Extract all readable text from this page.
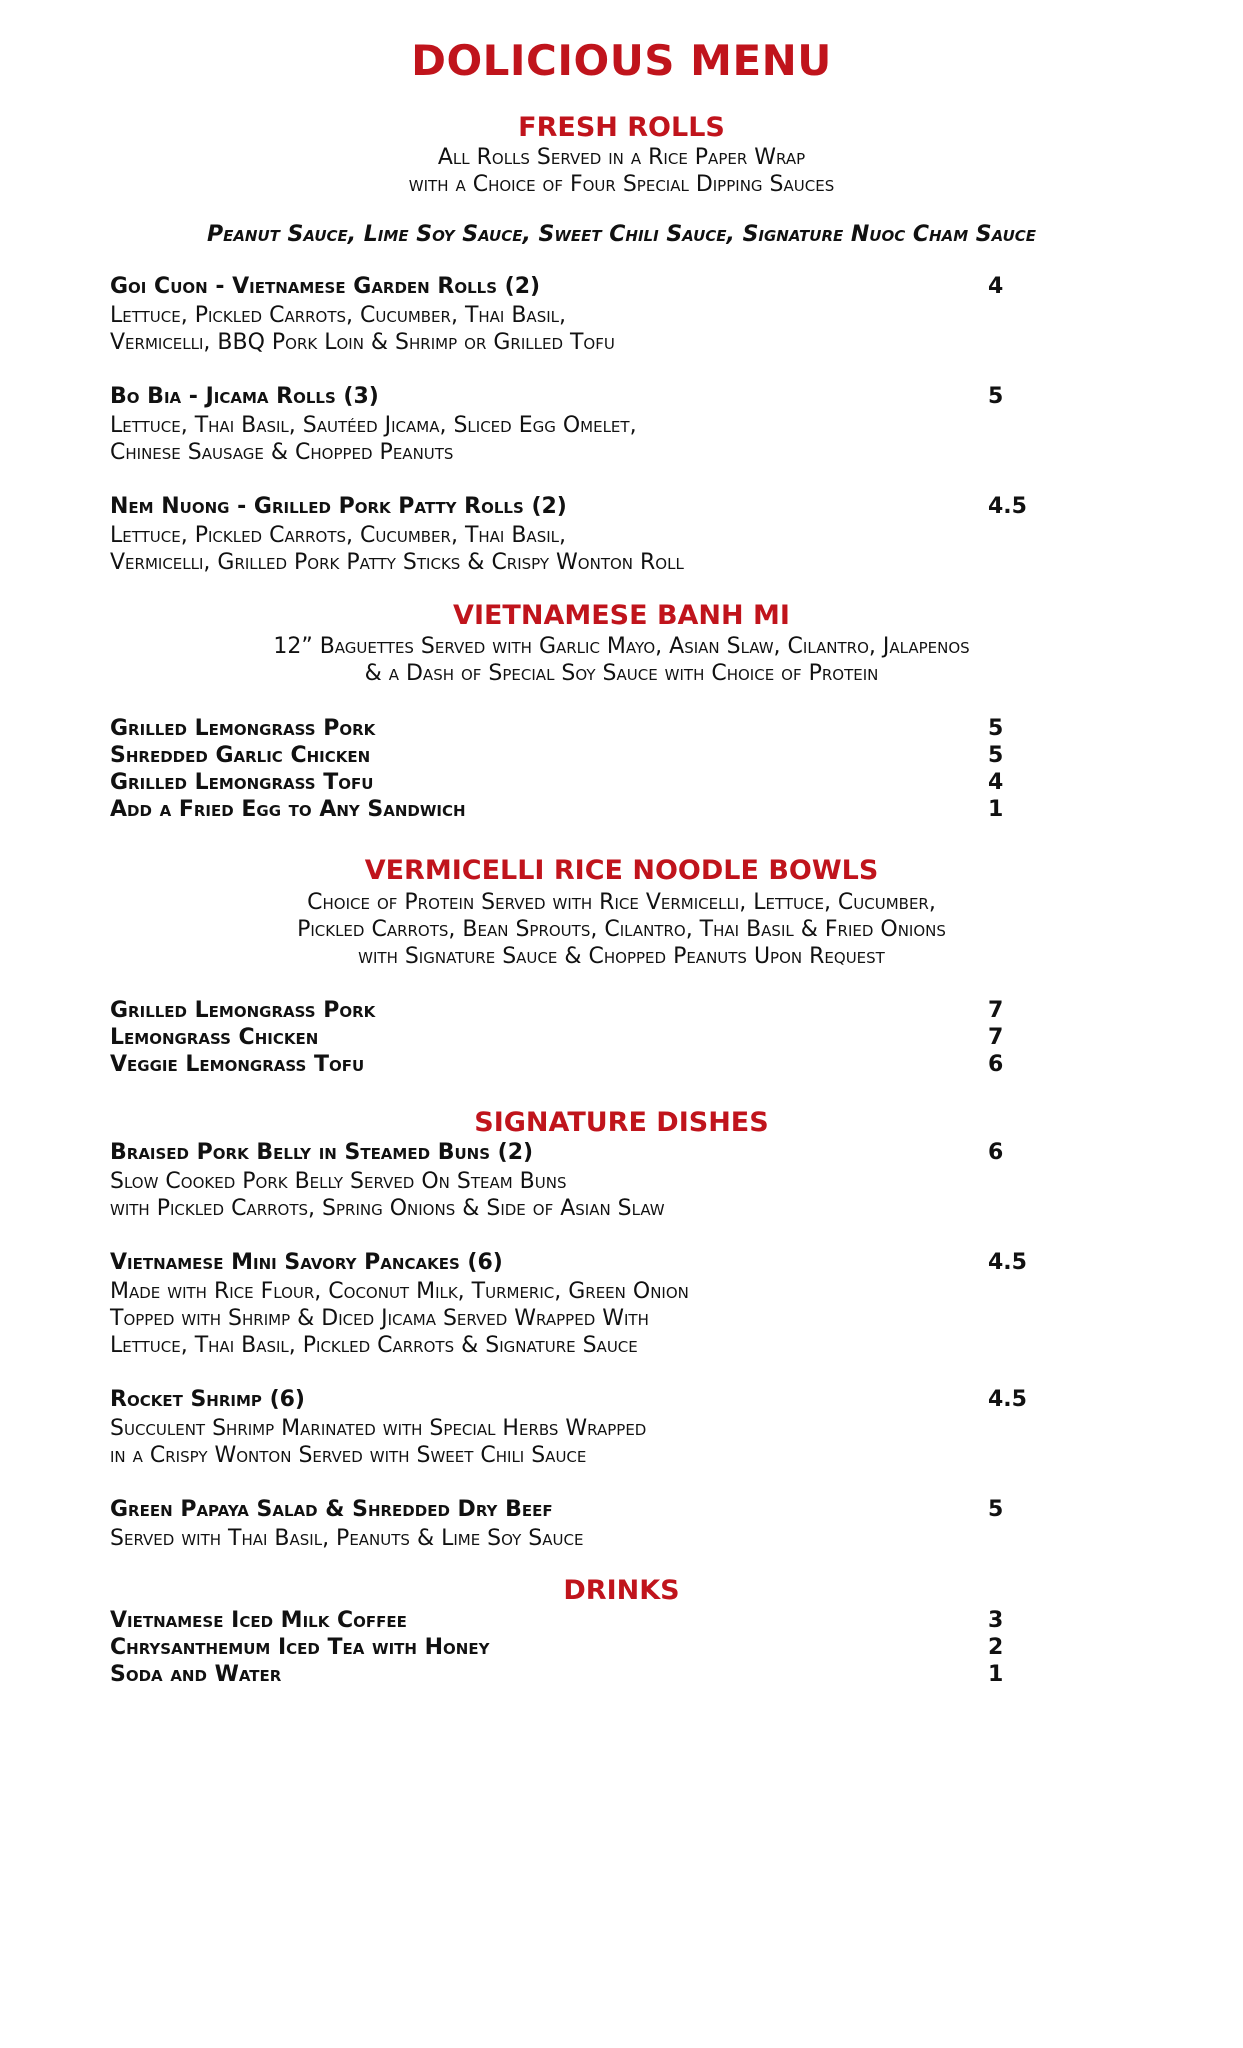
DOLICIOUS MENU
FRESH ROLLS

All Rolls Served in a Rice Paper Wrap

with a Choice of Four Special Dipping Sauces

Peanut Sauce, Lime Soy Sauce, Sweet Chili Sauce, Signature Nuoc Cham Sauce

Goi Cuon - Vietnamese Garden Rolls (2)	4
Lettuce, Pickled Carrots, Cucumber, Thai Basil,
Vermicelli, BBQ Pork Loin & Shrimp or Grilled Tofu
Bo Bia - Jicama Rolls (3)	5
Lettuce, Thai Basil, Sautéed Jicama, Sliced Egg Omelet,
Chinese Sausage & Chopped Peanuts
Nem Nuong - Grilled Pork Patty Rolls (2)	4.5
Lettuce, Pickled Carrots, Cucumber, Thai Basil,
Vermicelli, Grilled Pork Patty Sticks & Crispy Wonton Roll
VIETNAMESE BANH MI

12” Baguettes Served with Garlic Mayo, Asian Slaw, Cilantro, Jalapenos

& a Dash of Special Soy Sauce with Choice of Protein

Grilled Lemongrass Pork	5
Shredded Garlic Chicken	5
Grilled Lemongrass Tofu	4
Add a Fried Egg to Any Sandwich	1
VERMICELLI RICE NOODLE BOWLS

Choice of Protein Served with Rice Vermicelli, Lettuce, Cucumber,

Pickled Carrots, Bean Sprouts, Cilantro, Thai Basil & Fried Onions

with Signature Sauce & Chopped Peanuts Upon Request

Grilled Lemongrass Pork	7
Lemongrass Chicken	7
Veggie Lemongrass Tofu	6
SIGNATURE DISHES
Braised Pork Belly in Steamed Buns (2)	6
Slow Cooked Pork Belly Served On Steam Buns
with Pickled Carrots, Spring Onions & Side of Asian Slaw
Vietnamese Mini Savory Pancakes (6)	4.5
Made with Rice Flour, Coconut Milk, Turmeric, Green Onion
Topped with Shrimp & Diced Jicama Served Wrapped With
Lettuce, Thai Basil, Pickled Carrots & Signature Sauce
Rocket Shrimp (6)	4.5
Succulent Shrimp Marinated with Special Herbs Wrapped
in a Crispy Wonton Served with Sweet Chili Sauce
Green Papaya Salad & Shredded Dry Beef	5
Served with Thai Basil, Peanuts & Lime Soy Sauce
DRINKS
Vietnamese Iced Milk Coffee	3
Chrysanthemum Iced Tea with Honey	2
Soda and Water	1
